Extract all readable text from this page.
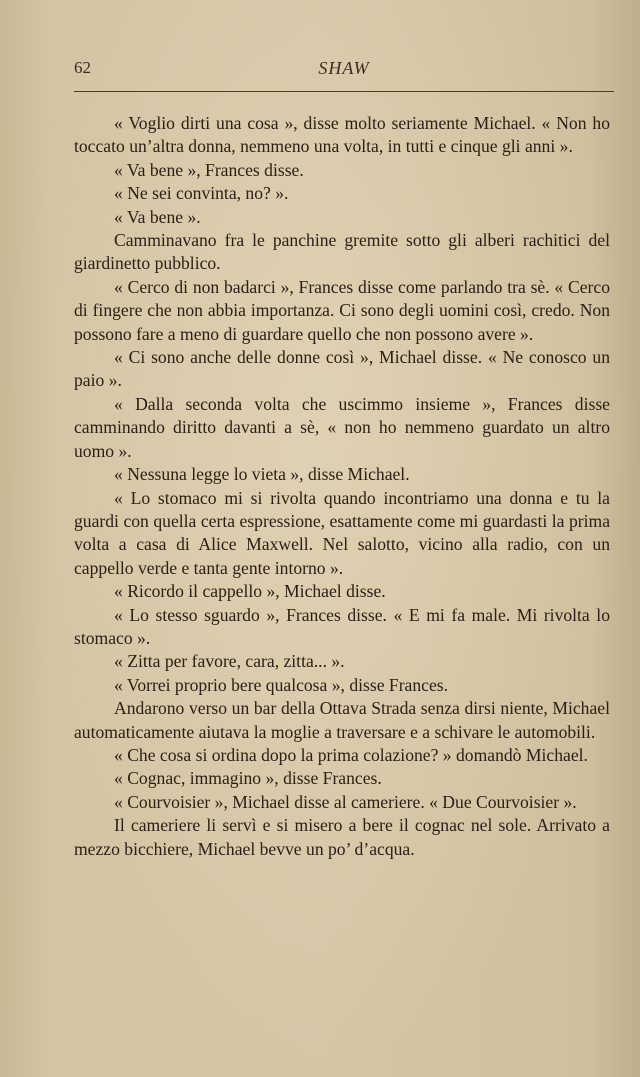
62	SHAW

« Voglio dirti una cosa », disse molto seriamente Michael. « Non ho toccato un’altra donna, nemmeno una volta, in tutti e cinque gli anni ».

« Va bene », Frances disse.

« Ne sei convinta, no? ».

« Va bene ».

Camminavano fra le panchine gremite sotto gli alberi rachitici del giardinetto pubblico.

« Cerco di non badarci », Frances disse come parlando tra sè. « Cerco di fingere che non abbia importanza. Ci sono degli uomini così, credo. Non possono fare a meno di guardare quello che non possono avere ».

« Ci sono anche delle donne così », Michael disse. « Ne conosco un paio ».

« Dalla seconda volta che uscimmo insieme », Frances disse camminando diritto davanti a sè, « non ho nemmeno guardato un altro uomo ».

« Nessuna legge lo vieta », disse Michael.

« Lo stomaco mi si rivolta quando incontriamo una donna e tu la guardi con quella certa espressione, esattamente come mi guardasti la prima volta a casa di Alice Maxwell. Nel salotto, vicino alla radio, con un cappello verde e tanta gente intorno ».

« Ricordo il cappello », Michael disse.

« Lo stesso sguardo », Frances disse. « E mi fa male. Mi rivolta lo stomaco ».

« Zitta per favore, cara, zitta... ».

« Vorrei proprio bere qualcosa », disse Frances.

Andarono verso un bar della Ottava Strada senza dirsi niente, Michael automaticamente aiutava la moglie a traversare e a schivare le automobili.

« Che cosa si ordina dopo la prima colazione? » domandò Michael.

« Cognac, immagino », disse Frances.

« Courvoisier », Michael disse al cameriere. « Due Courvoisier ».

Il cameriere li servì e si misero a bere il cognac nel sole. Arrivato a mezzo bicchiere, Michael bevve un po’ d’acqua.
